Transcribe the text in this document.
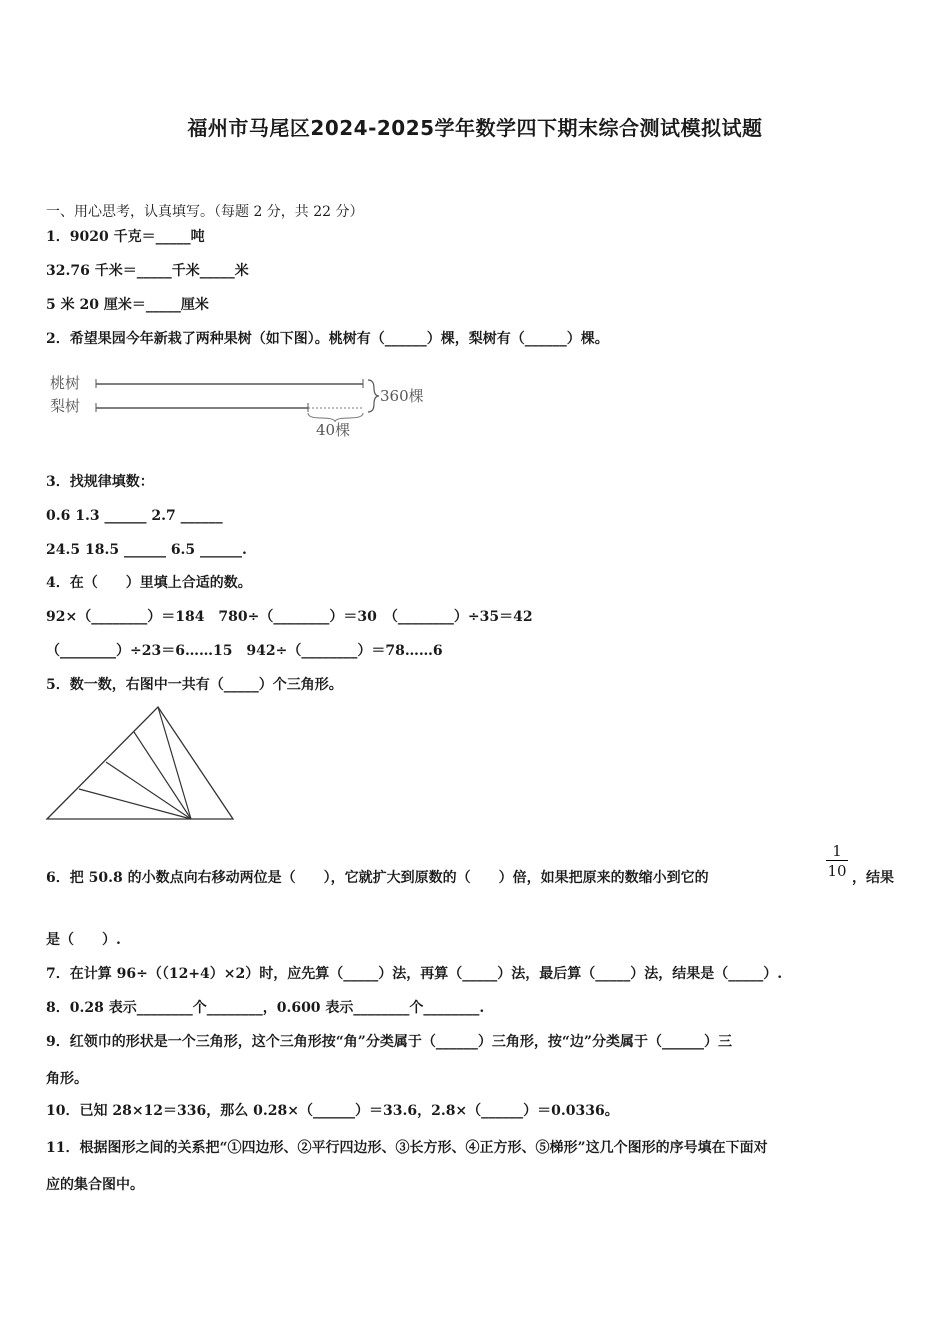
福州市马尾区2024-2025学年数学四下期末综合测试模拟试题
一、用心思考，认真填写。（每题 2 分，共 22 分）
1．9020 千克＝_____吨
32.76 千米＝_____千米_____米
5 米 20 厘米＝_____厘米
2．希望果园今年新栽了两种果树（如下图）。桃树有（______）棵，梨树有（______）棵。
桃树
梨树
360棵
40棵
3．找规律填数：
0.6 1.3 ______ 2.7 ______
24.5 18.5 ______ 6.5 ______.
4．在（　　）里填上合适的数。
92×（________）＝184　780÷（________）＝30　（________）÷35＝42
（________）÷23＝6……15　942÷（________）＝78……6
5．数一数，右图中一共有（_____）个三角形。
6．把 50.8 的小数点向右移动两位是（　　），它就扩大到原数的（　　）倍，如果把原来的数缩小到它的	$\frac{1}{10}$ ，结果
是（　　）.
7．在计算 96÷（（12+4）×2）时，应先算（_____）法，再算（_____）法，最后算（_____）法，结果是（_____）.
8．0.28 表示________个________，0.600 表示________个________.
9．红领巾的形状是一个三角形，这个三角形按“角”分类属于（______）三角形，按“边”分类属于（______）三
角形。
10．已知 28×12＝336，那么 0.28×（______）＝33.6，2.8×（______）＝0.0336。
11．根据图形之间的关系把“①四边形、②平行四边形、③长方形、④正方形、⑤梯形”这几个图形的序号填在下面对
应的集合图中。
